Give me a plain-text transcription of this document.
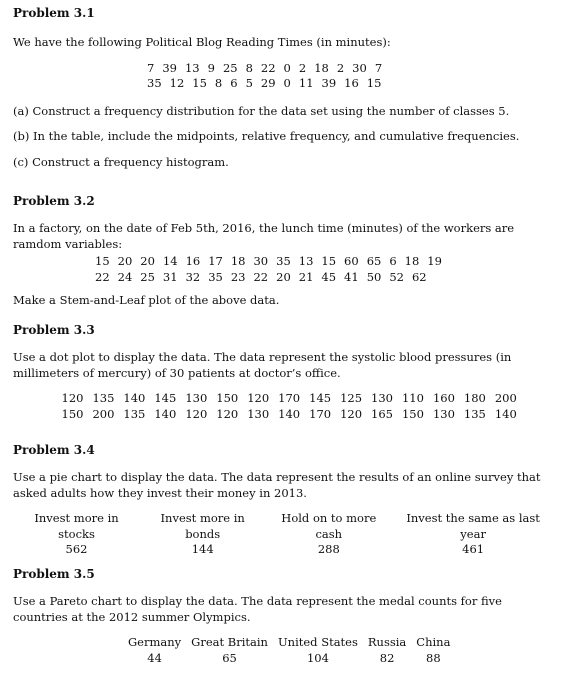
Problem 3.1

We have the following Political Blog Reading Times (in minutes):

7 39 13 9 25 8 22 0 2 18 2 30 7
35 12 15 8 6 5 29 0 11 39 16 15

(a) Construct a frequency distribution for the data set using the number of classes 5.

(b) In the table, include the midpoints, relative frequency, and cumulative frequencies.

(c) Construct a frequency histogram.

Problem 3.2

In a factory, on the date of Feb 5th, 2016, the lunch time (minutes) of the workers are ramdom variables:

15 20 20 14 16 17 18 30 35 13 15 60 65 6 18 19
22 24 25 31 32 35 23 22 20 21 45 41 50 52 62

Make a Stem-and-Leaf plot of the above data.

Problem 3.3

Use a dot plot to display the data. The data represent the systolic blood pressures (in millimeters of mercury) of 30 patients at doctor’s office.

120 135 140 145 130 150 120 170 145 125 130 110 160 180 200
150 200 135 140 120 120 130 140 170 120 165 150 130 135 140
Problem 3.4

Use a pie chart to display the data. The data represent the results of an online survey that asked adults how they invest their money in 2013.

Invest more in stocks	Invest more in bonds	Hold on to more cash	Invest the same as last year
562	144	288	461
Problem 3.5

Use a Pareto chart to display the data. The data represent the medal counts for five countries at the 2012 summer Olympics.

Germany	Great Britain	United States	Russia	China
44	65	104	82	88
